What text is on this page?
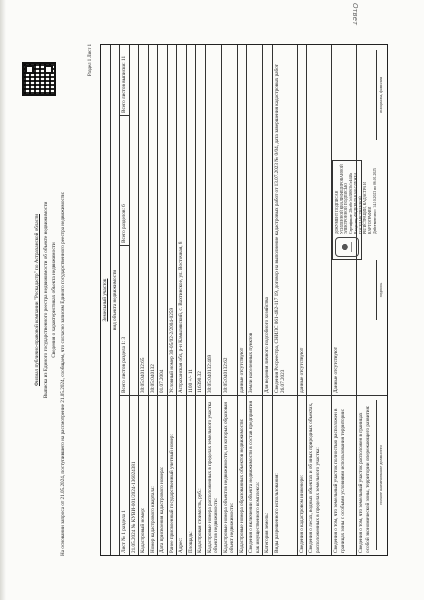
Филиал публично-правовой компании "Роскадастр" по Астраханской области Выписка из Единого государственного реестра недвижимости об объекте недвижимости Сведения о характеристиках объекта недвижимости На основании запроса от 21.05.2024, поступившего на рассмотрение 21.05.2024, сообщаем, что согласно записям Единого государственного реестра недвижимости:
Раздел 1 Лист 1
Земельный участок вид объекта недвижимости
Лист № 1 раздела 1
Всего листов раздела 1: 3
Всего разделов: 6
Всего листов выписки: 11
21.05.2024 № КУВИ-001/2024-136024381 Кадастровый номер:
30:05:040132:65
Номер кадастрового квартала:
30:05:040132
Дата присвоения кадастрового номера:
01.07.2004
Ранее присвоенный государственный учетный номер:
Условный номер 30-05/02-2/2004-0259
Адрес:
Астраханская обл, р-н Камызякский, с. Вахтинское, ул. Восточная, 8
Площадь:
1100 +/- 11
Кадастровая стоимость, руб.:
116390.32
Кадастровые номера расположенных в пределах земельного участка объектов недвижимости:
30:05:040132:469
Кадастровые номера объектов недвижимости, из которых образован объект недвижимости:
30:05:040132:62
Кадастровые номера образованных объектов недвижимости:
данные отсутствуют
Сведения о включении объекта недвижимости в состав предприятия как имущественного комплекса:
Земли населенных пунктов
Категория земель:
Для ведения личного подсобного хозяйства
Виды разрешенного использования:
Сведения Росреестра, СНИЛС 061-482-117 19, договор на выполнение кадастровых работ от 13.07.2023 № 0/04, дата завершения кадастровых работ 26.07.2023
Сведения о кадастровом инженере:
данные отсутствуют
Сведения о лесах, водных объектах и об иных природных объектах, расположенных в пределах земельного участка:	Сведения о том, что земельный участок полностью расположен в границах зоны с особыми условиями использования территории:
Данные отсутствуют
Сведения о том, что земельный участок расположен в границах особой экономической зоны, территории опережающего развития:
ДОКУМЕНТ ПОДПИСАН УСИЛЕННОЙ КВАЛИФИЦИРОВАННОЙ ЭЛЕКТРОННОЙ ПОДПИСЬЮ Сертификат: 28ce8e1cb38063b1e4f48a Владелец: ФЕДЕРАЛЬНАЯ СЛУЖБА ГОСУДАРСТВЕННОЙ РЕГИСТРАЦИИ, КАДАСТРА И КАРТОГРАФИИ Действителен с 14.10.2023 по 06.01.2025
полное наименование должности
подпись
инициалы, фамилия
Ответ
